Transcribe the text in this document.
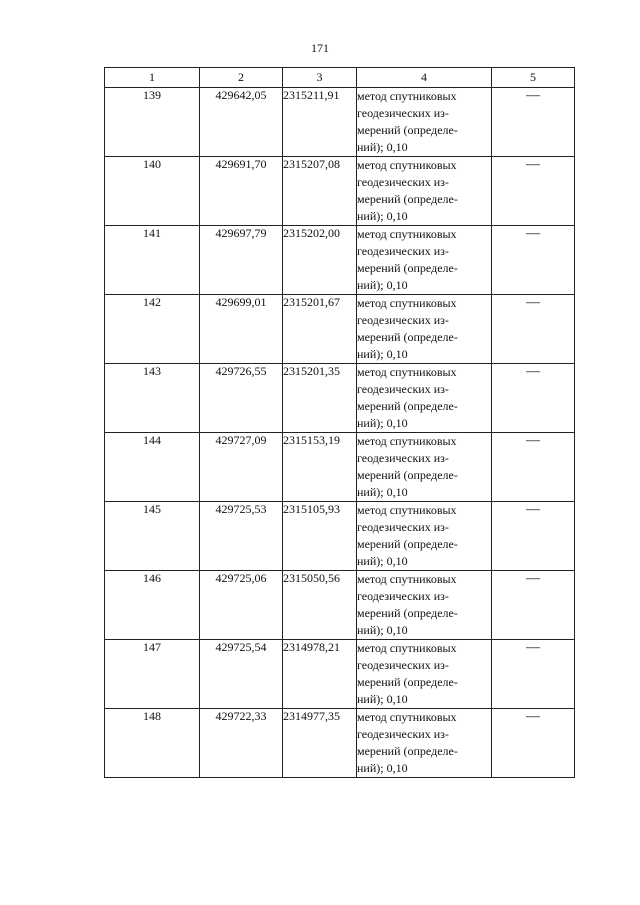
171
1	2	3	4	5
139	429642,05	2315211,91	метод спутниковых
геодезических из-
мерений (определе-
ний); 0,10	—
140	429691,70	2315207,08	метод спутниковых
геодезических из-
мерений (определе-
ний); 0,10	—
141	429697,79	2315202,00	метод спутниковых
геодезических из-
мерений (определе-
ний); 0,10	—
142	429699,01	2315201,67	метод спутниковых
геодезических из-
мерений (определе-
ний); 0,10	—
143	429726,55	2315201,35	метод спутниковых
геодезических из-
мерений (определе-
ний); 0,10	—
144	429727,09	2315153,19	метод спутниковых
геодезических из-
мерений (определе-
ний); 0,10	—
145	429725,53	2315105,93	метод спутниковых
геодезических из-
мерений (определе-
ний); 0,10	—
146	429725,06	2315050,56	метод спутниковых
геодезических из-
мерений (определе-
ний); 0,10	—
147	429725,54	2314978,21	метод спутниковых
геодезических из-
мерений (определе-
ний); 0,10	—
148	429722,33	2314977,35	метод спутниковых
геодезических из-
мерений (определе-
ний); 0,10	—
